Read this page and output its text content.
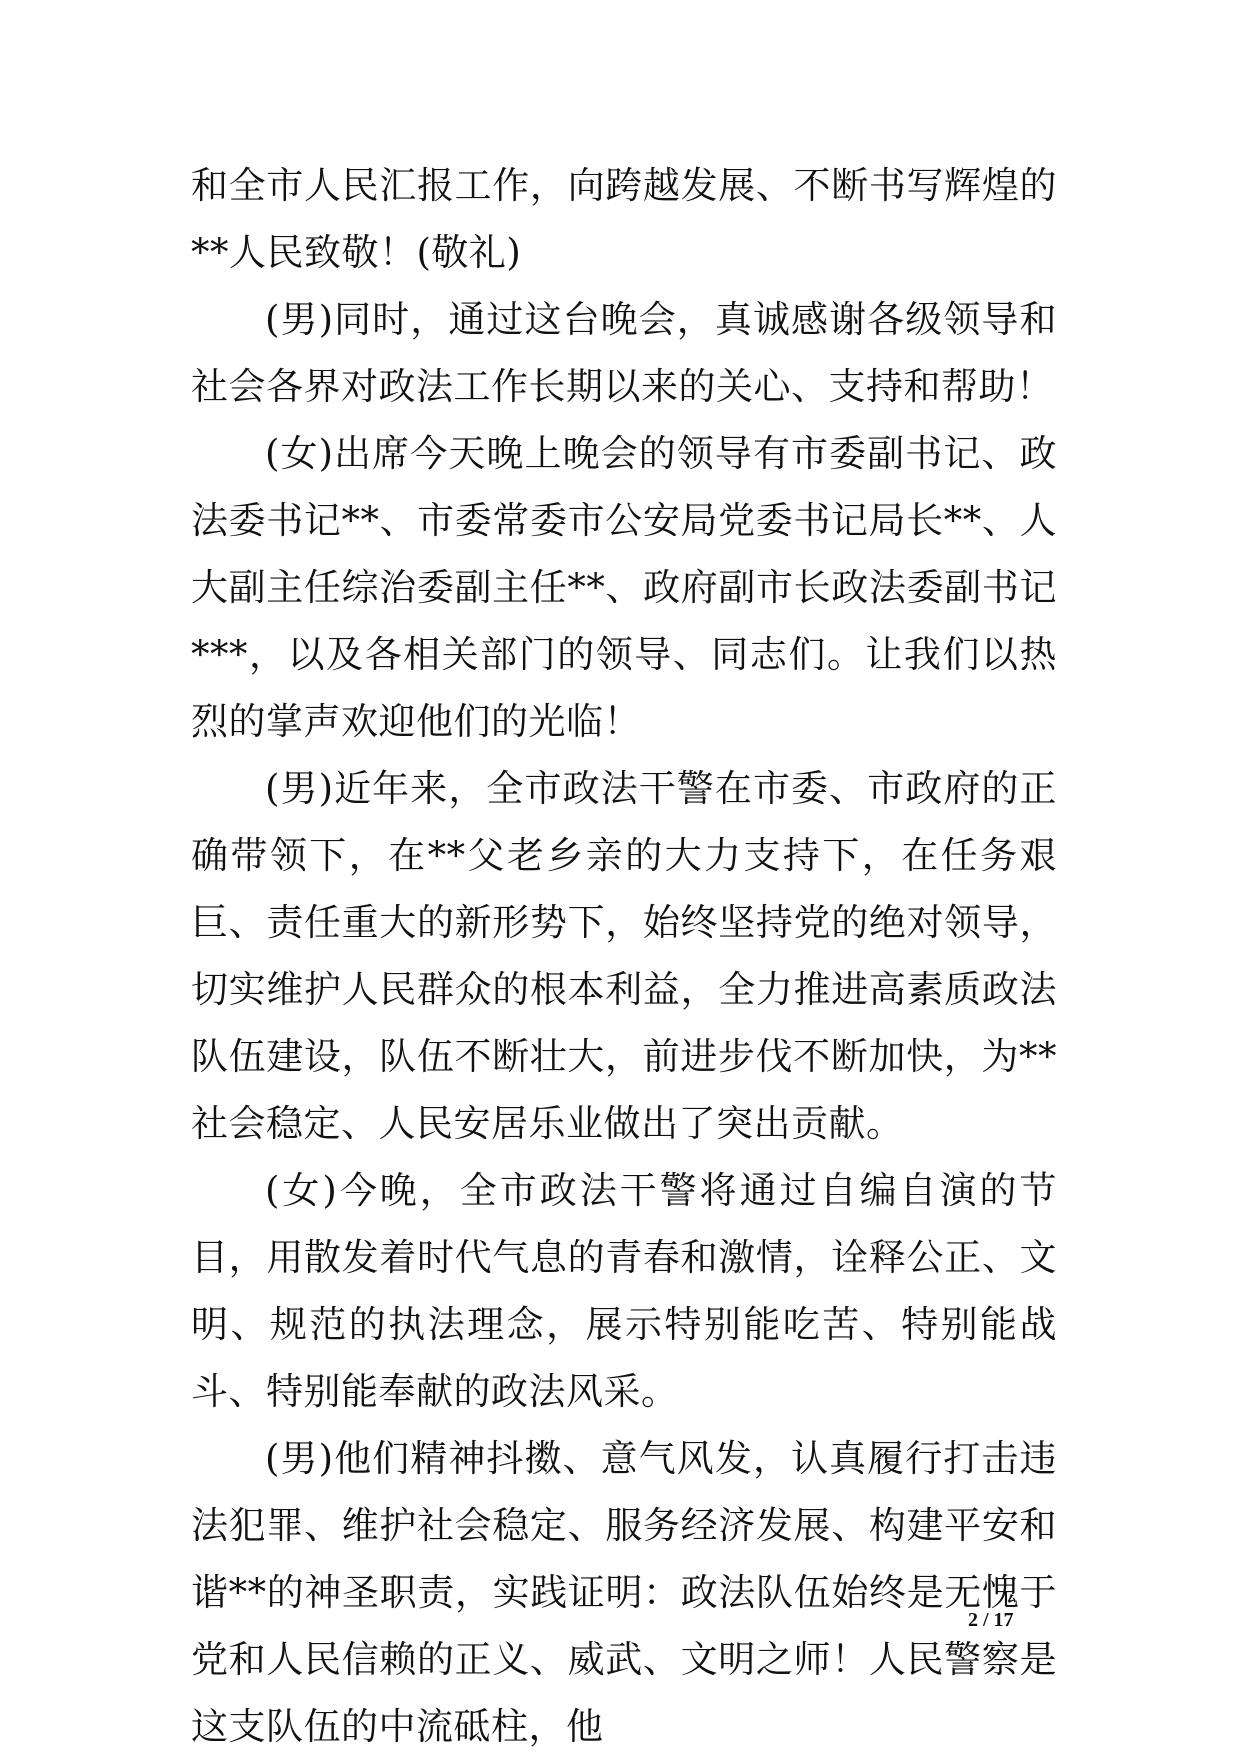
和全市人民汇报工作，向跨越发展、不断书写辉煌的**人民致敬！(敬礼)

(男)同时，通过这台晚会，真诚感谢各级领导和社会各界对政法工作长期以来的关心、支持和帮助！

(女)出席今天晚上晚会的领导有市委副书记、政法委书记**、市委常委市公安局党委书记局长**、人大副主任综治委副主任**、政府副市长政法委副书记***，以及各相关部门的领导、同志们。让我们以热烈的掌声欢迎他们的光临！

(男)近年来，全市政法干警在市委、市政府的正确带领下，在**父老乡亲的大力支持下，在任务艰巨、责任重大的新形势下，始终坚持党的绝对领导，切实维护人民群众的根本利益，全力推进高素质政法队伍建设，队伍不断壮大，前进步伐不断加快，为**社会稳定、人民安居乐业做出了突出贡献。

(女)今晚，全市政法干警将通过自编自演的节目，用散发着时代气息的青春和激情，诠释公正、文明、规范的执法理念，展示特别能吃苦、特别能战斗、特别能奉献的政法风采。

(男)他们精神抖擞、意气风发，认真履行打击违法犯罪、维护社会稳定、服务经济发展、构建平安和谐**的神圣职责，实践证明：政法队伍始终是无愧于党和人民信赖的正义、威武、文明之师！人民警察是这支队伍的中流砥柱，他

2 / 17
